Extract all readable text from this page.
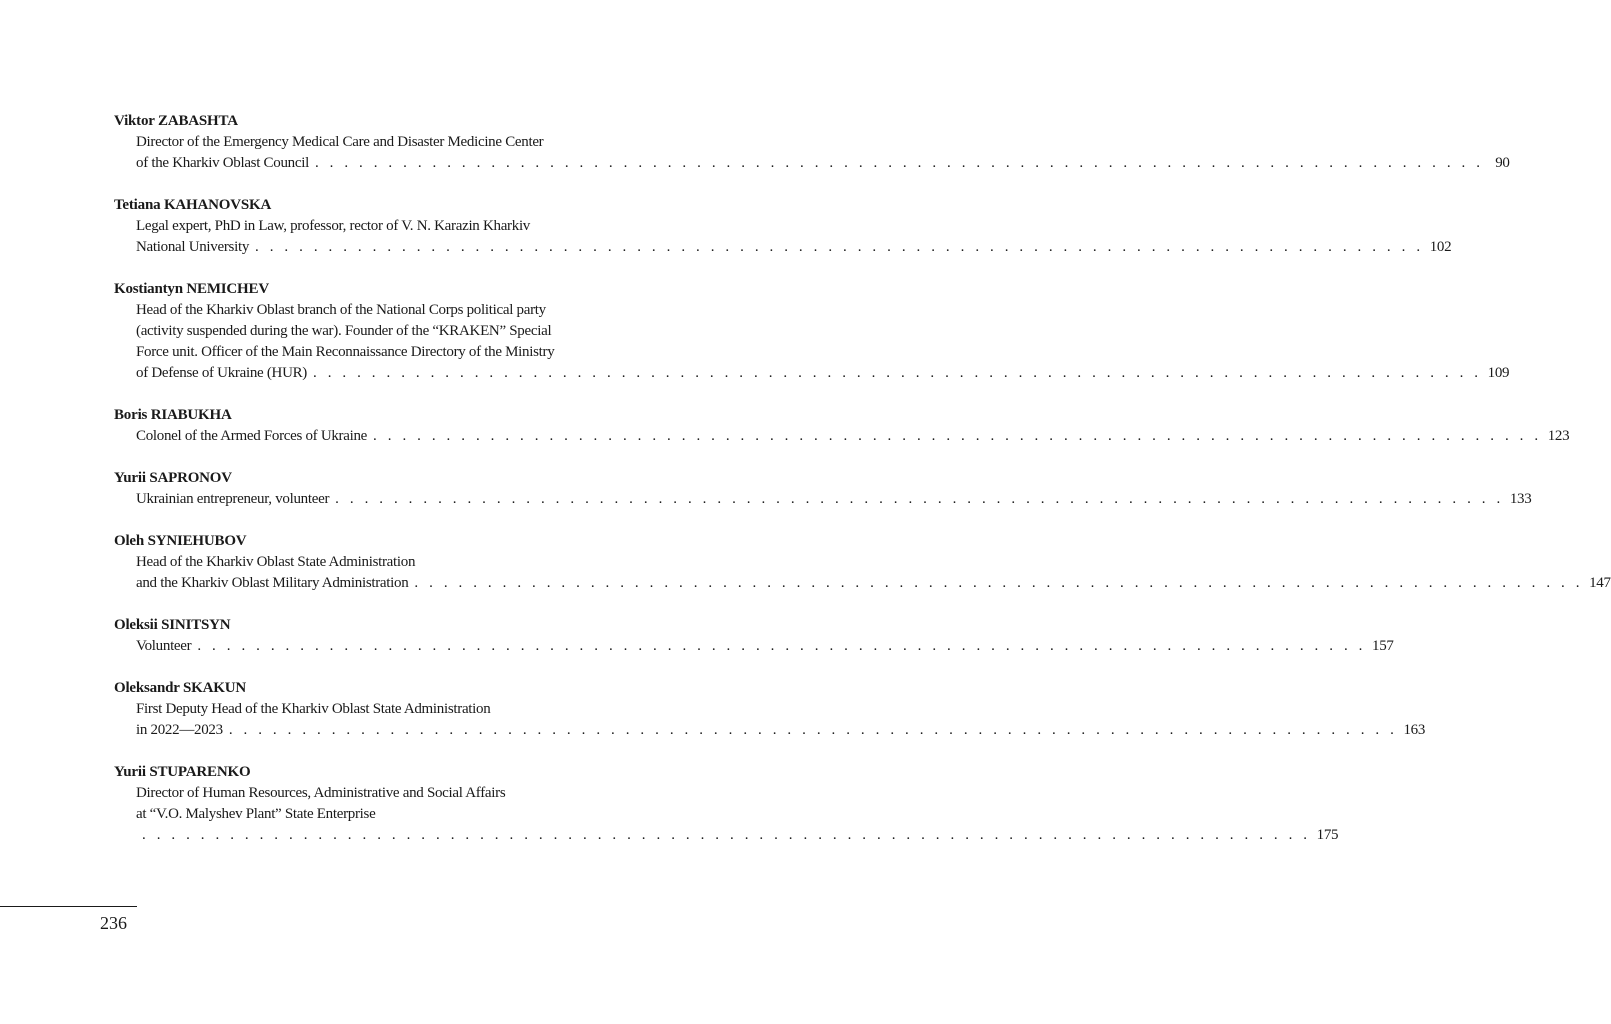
Viktor ZABASHTA
Director of the Emergency Medical Care and Disaster Medicine Center
of the Kharkiv Oblast Council . . . . . . . . . . . . . . . . . . . . . . . . . . . . . . . . . . . . . . . . . . . . . . . . . . . . . . . . . . . . . . . . . . . . . . . . . . . . . . . . 90
Tetiana KAHANOVSKA
Legal expert, PhD in Law, professor, rector of V. N. Karazin Kharkiv
National University . . . . . . . . . . . . . . . . . . . . . . . . . . . . . . . . . . . . . . . . . . . . . . . . . . . . . . . . . . . . . . . . . . . . . . . . . . . . . . . . 102
Kostiantyn NEMICHEV
Head of the Kharkiv Oblast branch of the National Corps political party
(activity suspended during the war). Founder of the “KRAKEN” Special
Force unit. Officer of the Main Reconnaissance Directory of the Ministry
of Defense of Ukraine (HUR) . . . . . . . . . . . . . . . . . . . . . . . . . . . . . . . . . . . . . . . . . . . . . . . . . . . . . . . . . . . . . . . . . . . . . . . . . . . . . . . . 109
Boris RIABUKHA
Colonel of the Armed Forces of Ukraine . . . . . . . . . . . . . . . . . . . . . . . . . . . . . . . . . . . . . . . . . . . . . . . . . . . . . . . . . . . . . . . . . . . . . . . . . . . . . . . . 123
Yurii SAPRONOV
Ukrainian entrepreneur, volunteer . . . . . . . . . . . . . . . . . . . . . . . . . . . . . . . . . . . . . . . . . . . . . . . . . . . . . . . . . . . . . . . . . . . . . . . . . . . . . . . . 133
Oleh SYNIEHUBOV
Head of the Kharkiv Oblast State Administration
and the Kharkiv Oblast Military Administration . . . . . . . . . . . . . . . . . . . . . . . . . . . . . . . . . . . . . . . . . . . . . . . . . . . . . . . . . . . . . . . . . . . . . . . . . . . . . . . . 147
Oleksii SINITSYN
Volunteer . . . . . . . . . . . . . . . . . . . . . . . . . . . . . . . . . . . . . . . . . . . . . . . . . . . . . . . . . . . . . . . . . . . . . . . . . . . . . . . . 157
Oleksandr SKAKUN
First Deputy Head of the Kharkiv Oblast State Administration
in 2022—2023 . . . . . . . . . . . . . . . . . . . . . . . . . . . . . . . . . . . . . . . . . . . . . . . . . . . . . . . . . . . . . . . . . . . . . . . . . . . . . . . . 163
Yurii STUPARENKO
Director of Human Resources, Administrative and Social Affairs
at “V.O. Malyshev Plant” State Enterprise
. . . . . . . . . . . . . . . . . . . . . . . . . . . . . . . . . . . . . . . . . . . . . . . . . . . . . . . . . . . . . . . . . . . . . . . . . . . . . . . . 175
236
